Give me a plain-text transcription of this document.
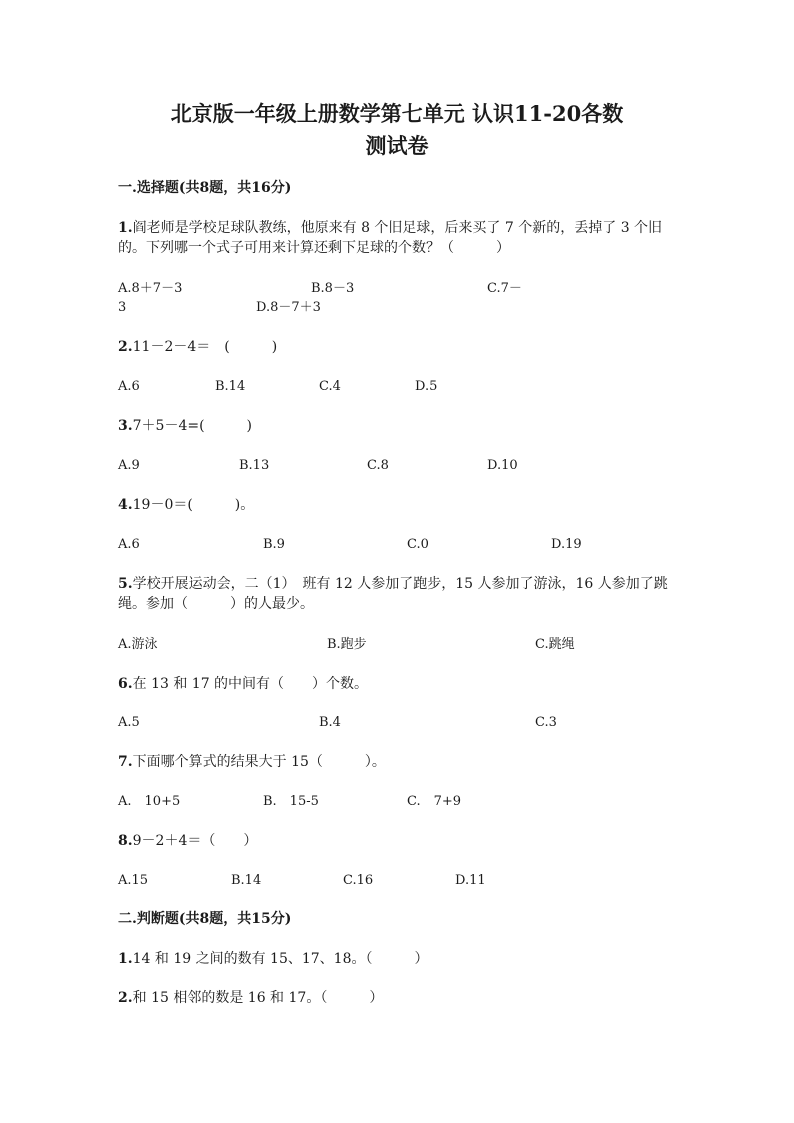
北京版一年级上册数学第七单元 认识11-20各数
测试卷
一.选择题(共8题，共16分)
1.阎老师是学校足球队教练，他原来有 8 个旧足球，后来买了 7 个新的，丢掉了 3 个旧的。下列哪一个式子可用来计算还剩下足球的个数？（　　　）
A.8＋7－3	B.8－3	C.7－
3	D.8－7＋3
2.11－2－4＝　(　　　)
A.6	B.14	C.4	D.5
3.7＋5－4=(　　　)
A.9	B.13	C.8	D.10
4.19－0＝(　　　)。
A.6	B.9	C.0	D.19
5.学校开展运动会，二（1）　班有 12 人参加了跑步，15 人参加了游泳，16 人参加了跳绳。参加（　　　）的人最少。
A.游泳	B.跑步	C.跳绳
6.在 13 和 17 的中间有（　　）个数。
A.5	B.4	C.3
7.下面哪个算式的结果大于 15（　　　）。
A.　10+5	B.　15-5	C.　7+9
8.9－2＋4＝（　　）
A.15	B.14	C.16	D.11
二.判断题(共8题，共15分)
1.14 和 19 之间的数有 15、17、18。（　　　）
2.和 15 相邻的数是 16 和 17。（　　　）
